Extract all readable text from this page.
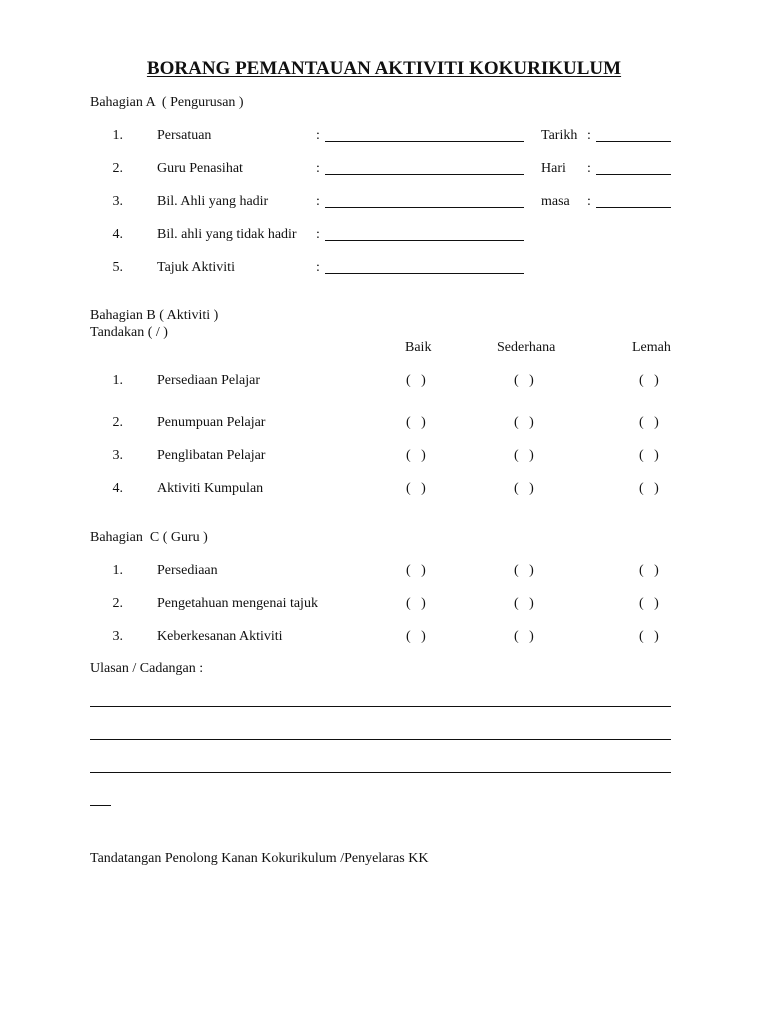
BORANG PEMANTAUAN AKTIVITI KOKURIKULUM
Bahagian A  ( Pengurusan )
1. Persatuan	:	Tarikh :
2. Guru Penasihat	:	Hari :
3. Bil. Ahli yang hadir	:	masa :
4. Bil. ahli yang tidak hadir :
5. Tajuk Aktiviti	:
Bahagian B ( Aktiviti )
Tandakan ( / )
Baik	Sederhana	Lemah
1. Persediaan Pelajar	(   )	(   )	(   )
2. Penumpuan Pelajar	(   )	(   )	(   )
3. Penglibatan Pelajar	(   )	(   )	(   )
4. Aktiviti Kumpulan	(   )	(   )	(   )
Bahagian  C ( Guru )
1. Persediaan	(   )	(   )	(   )
2. Pengetahuan mengenai tajuk	(   )	(   )	(   )
3. Keberkesanan Aktiviti	(   )	(   )	(   )
Ulasan / Cadangan :
Tandatangan Penolong Kanan Kokurikulum /Penyelaras KK
